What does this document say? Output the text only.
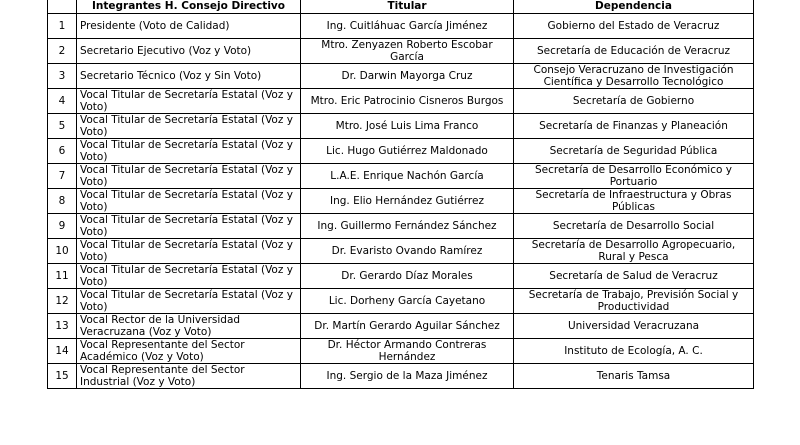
	Integrantes H. Consejo Directivo	Titular	Dependencia
1	Presidente (Voto de Calidad)	Ing. Cuitláhuac García Jiménez	Gobierno del Estado de Veracruz
2	Secretario Ejecutivo (Voz y Voto)	Mtro. Zenyazen Roberto Escobar García	Secretaría de Educación de Veracruz
3	Secretario Técnico (Voz y Sin Voto)	Dr. Darwin Mayorga Cruz	Consejo Veracruzano de Investigación Científica y Desarrollo Tecnológico
4	Vocal Titular de Secretaría Estatal (Voz y Voto)	Mtro. Eric Patrocinio Cisneros Burgos	Secretaría de Gobierno
5	Vocal Titular de Secretaría Estatal (Voz y Voto)	Mtro. José Luis Lima Franco	Secretaría de Finanzas y Planeación
6	Vocal Titular de Secretaría Estatal (Voz y Voto)	Lic. Hugo Gutiérrez Maldonado	Secretaría de Seguridad Pública
7	Vocal Titular de Secretaría Estatal (Voz y Voto)	L.A.E. Enrique Nachón García	Secretaría de Desarrollo Económico y Portuario
8	Vocal Titular de Secretaría Estatal (Voz y Voto)	Ing. Elio Hernández Gutiérrez	Secretaría de Infraestructura y Obras Públicas
9	Vocal Titular de Secretaría Estatal (Voz y Voto)	Ing. Guillermo Fernández Sánchez	Secretaría de Desarrollo Social
10	Vocal Titular de Secretaría Estatal (Voz y Voto)	Dr. Evaristo Ovando Ramírez	Secretaría de Desarrollo Agropecuario, Rural y Pesca
11	Vocal Titular de Secretaría Estatal (Voz y Voto)	Dr. Gerardo Díaz Morales	Secretaría de Salud de Veracruz
12	Vocal Titular de Secretaría Estatal (Voz y Voto)	Lic. Dorheny García Cayetano	Secretaría de Trabajo, Previsión Social y Productividad
13	Vocal Rector de la Universidad Veracruzana (Voz y Voto)	Dr. Martín Gerardo Aguilar Sánchez	Universidad Veracruzana
14	Vocal Representante del Sector Académico (Voz y Voto)	Dr. Héctor Armando Contreras Hernández	Instituto de Ecología, A. C.
15	Vocal Representante del Sector Industrial (Voz y Voto)	Ing. Sergio de la Maza Jiménez	Tenaris Tamsa
